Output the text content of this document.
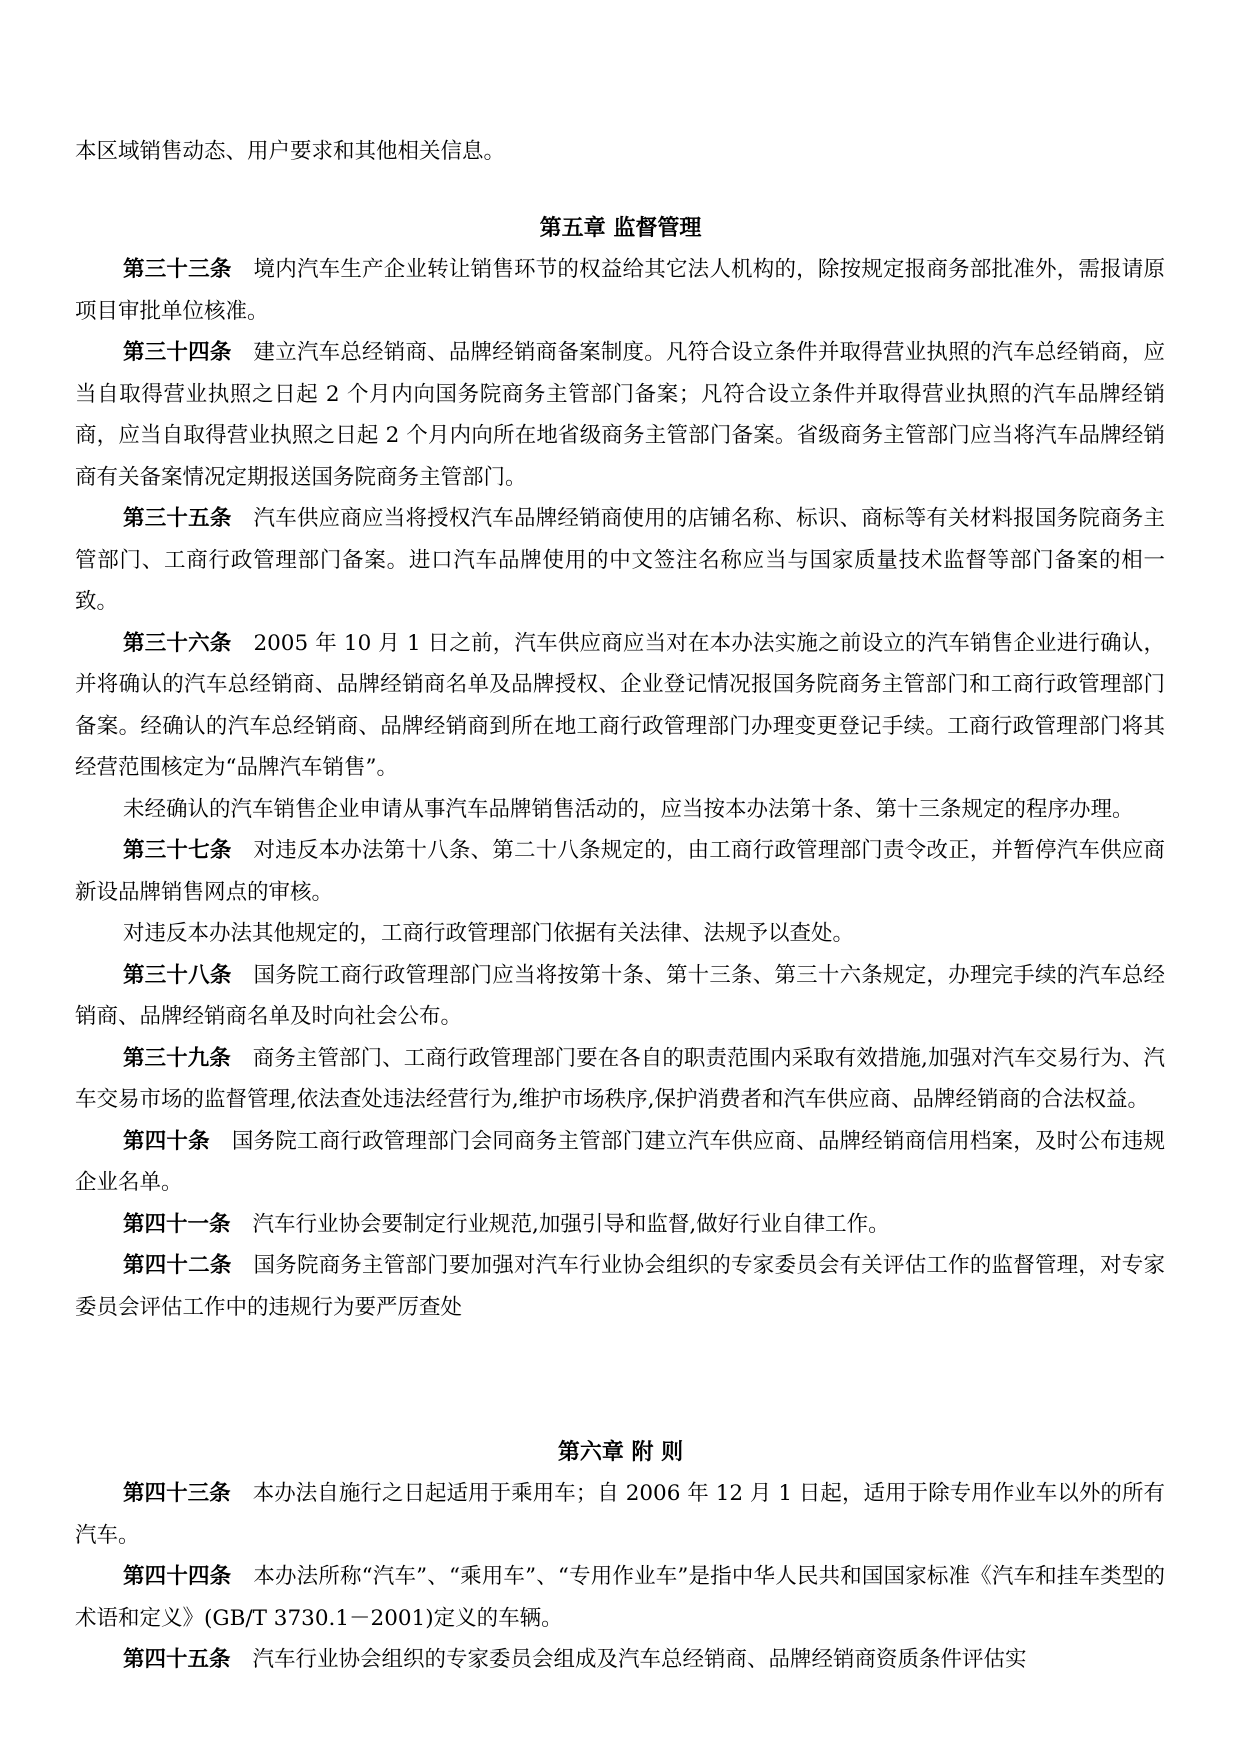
本区域销售动态、用户要求和其他相关信息。

第五章 监督管理

第三十三条 境内汽车生产企业转让销售环节的权益给其它法人机构的，除按规定报商务部批准外，需报请原项目审批单位核准。

第三十四条 建立汽车总经销商、品牌经销商备案制度。凡符合设立条件并取得营业执照的汽车总经销商，应当自取得营业执照之日起 2 个月内向国务院商务主管部门备案；凡符合设立条件并取得营业执照的汽车品牌经销商，应当自取得营业执照之日起 2 个月内向所在地省级商务主管部门备案。省级商务主管部门应当将汽车品牌经销商有关备案情况定期报送国务院商务主管部门。

第三十五条 汽车供应商应当将授权汽车品牌经销商使用的店铺名称、标识、商标等有关材料报国务院商务主管部门、工商行政管理部门备案。进口汽车品牌使用的中文签注名称应当与国家质量技术监督等部门备案的相一致。

第三十六条 2005 年 10 月 1 日之前，汽车供应商应当对在本办法实施之前设立的汽车销售企业进行确认，并将确认的汽车总经销商、品牌经销商名单及品牌授权、企业登记情况报国务院商务主管部门和工商行政管理部门备案。经确认的汽车总经销商、品牌经销商到所在地工商行政管理部门办理变更登记手续。工商行政管理部门将其经营范围核定为“品牌汽车销售”。

未经确认的汽车销售企业申请从事汽车品牌销售活动的，应当按本办法第十条、第十三条规定的程序办理。

第三十七条 对违反本办法第十八条、第二十八条规定的，由工商行政管理部门责令改正，并暂停汽车供应商新设品牌销售网点的审核。

对违反本办法其他规定的，工商行政管理部门依据有关法律、法规予以查处。

第三十八条 国务院工商行政管理部门应当将按第十条、第十三条、第三十六条规定，办理完手续的汽车总经销商、品牌经销商名单及时向社会公布。

第三十九条 商务主管部门、工商行政管理部门要在各自的职责范围内采取有效措施,加强对汽车交易行为、汽车交易市场的监督管理,依法查处违法经营行为,维护市场秩序,保护消费者和汽车供应商、品牌经销商的合法权益。

第四十条 国务院工商行政管理部门会同商务主管部门建立汽车供应商、品牌经销商信用档案，及时公布违规企业名单。

第四十一条 汽车行业协会要制定行业规范,加强引导和监督,做好行业自律工作。

第四十二条 国务院商务主管部门要加强对汽车行业协会组织的专家委员会有关评估工作的监督管理，对专家委员会评估工作中的违规行为要严厉查处

第六章 附 则

第四十三条 本办法自施行之日起适用于乘用车；自 2006 年 12 月 1 日起，适用于除专用作业车以外的所有汽车。

第四十四条 本办法所称“汽车”、“乘用车”、“专用作业车”是指中华人民共和国国家标准《汽车和挂车类型的术语和定义》(GB/T 3730.1－2001)定义的车辆。

第四十五条 汽车行业协会组织的专家委员会组成及汽车总经销商、品牌经销商资质条件评估实
